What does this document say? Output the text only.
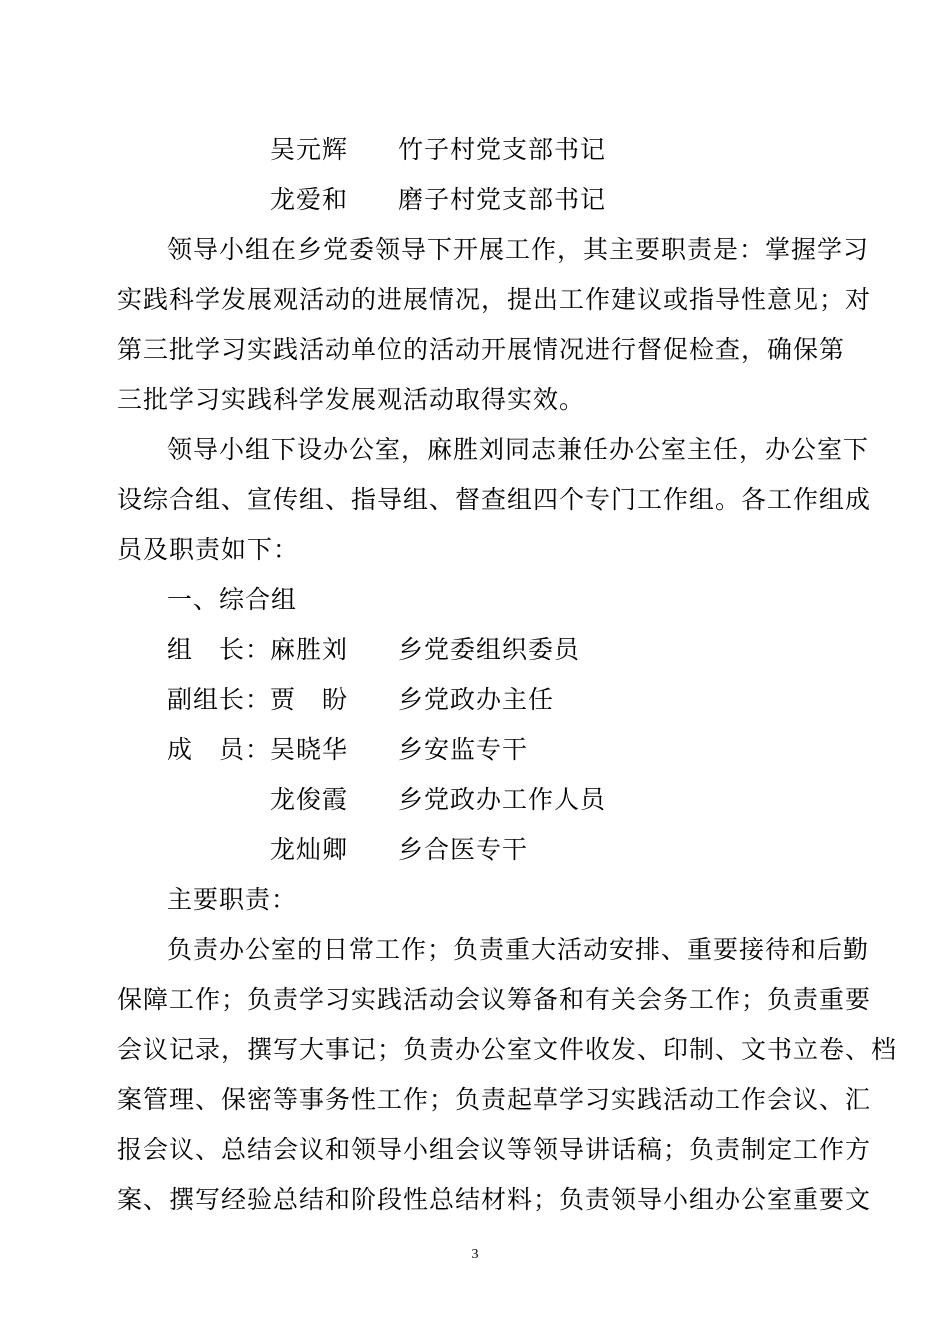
吴元辉 竹子村党支部书记
龙爱和 磨子村党支部书记
领导小组在乡党委领导下开展工作，其主要职责是：掌握学习
实践科学发展观活动的进展情况，提出工作建议或指导性意见；对
第三批学习实践活动单位的活动开展情况进行督促检查，确保第
三批学习实践科学发展观活动取得实效。
领导小组下设办公室，麻胜刘同志兼任办公室主任，办公室下
设综合组、宣传组、指导组、督查组四个专门工作组。各工作组成
员及职责如下：
一、综合组
组　长：
麻胜刘 乡党委组织委员
副组长：
贾　盼 乡党政办主任
成　员：
吴晓华 乡安监专干
龙俊霞 乡党政办工作人员
龙灿卿 乡合医专干
主要职责：
负责办公室的日常工作；负责重大活动安排、重要接待和后勤
保障工作；负责学习实践活动会议筹备和有关会务工作；负责重要
会议记录，撰写大事记；负责办公室文件收发、印制、文书立卷、档
案管理、保密等事务性工作；负责起草学习实践活动工作会议、汇
报会议、总结会议和领导小组会议等领导讲话稿；负责制定工作方
案、撰写经验总结和阶段性总结材料；负责领导小组办公室重要文
3
